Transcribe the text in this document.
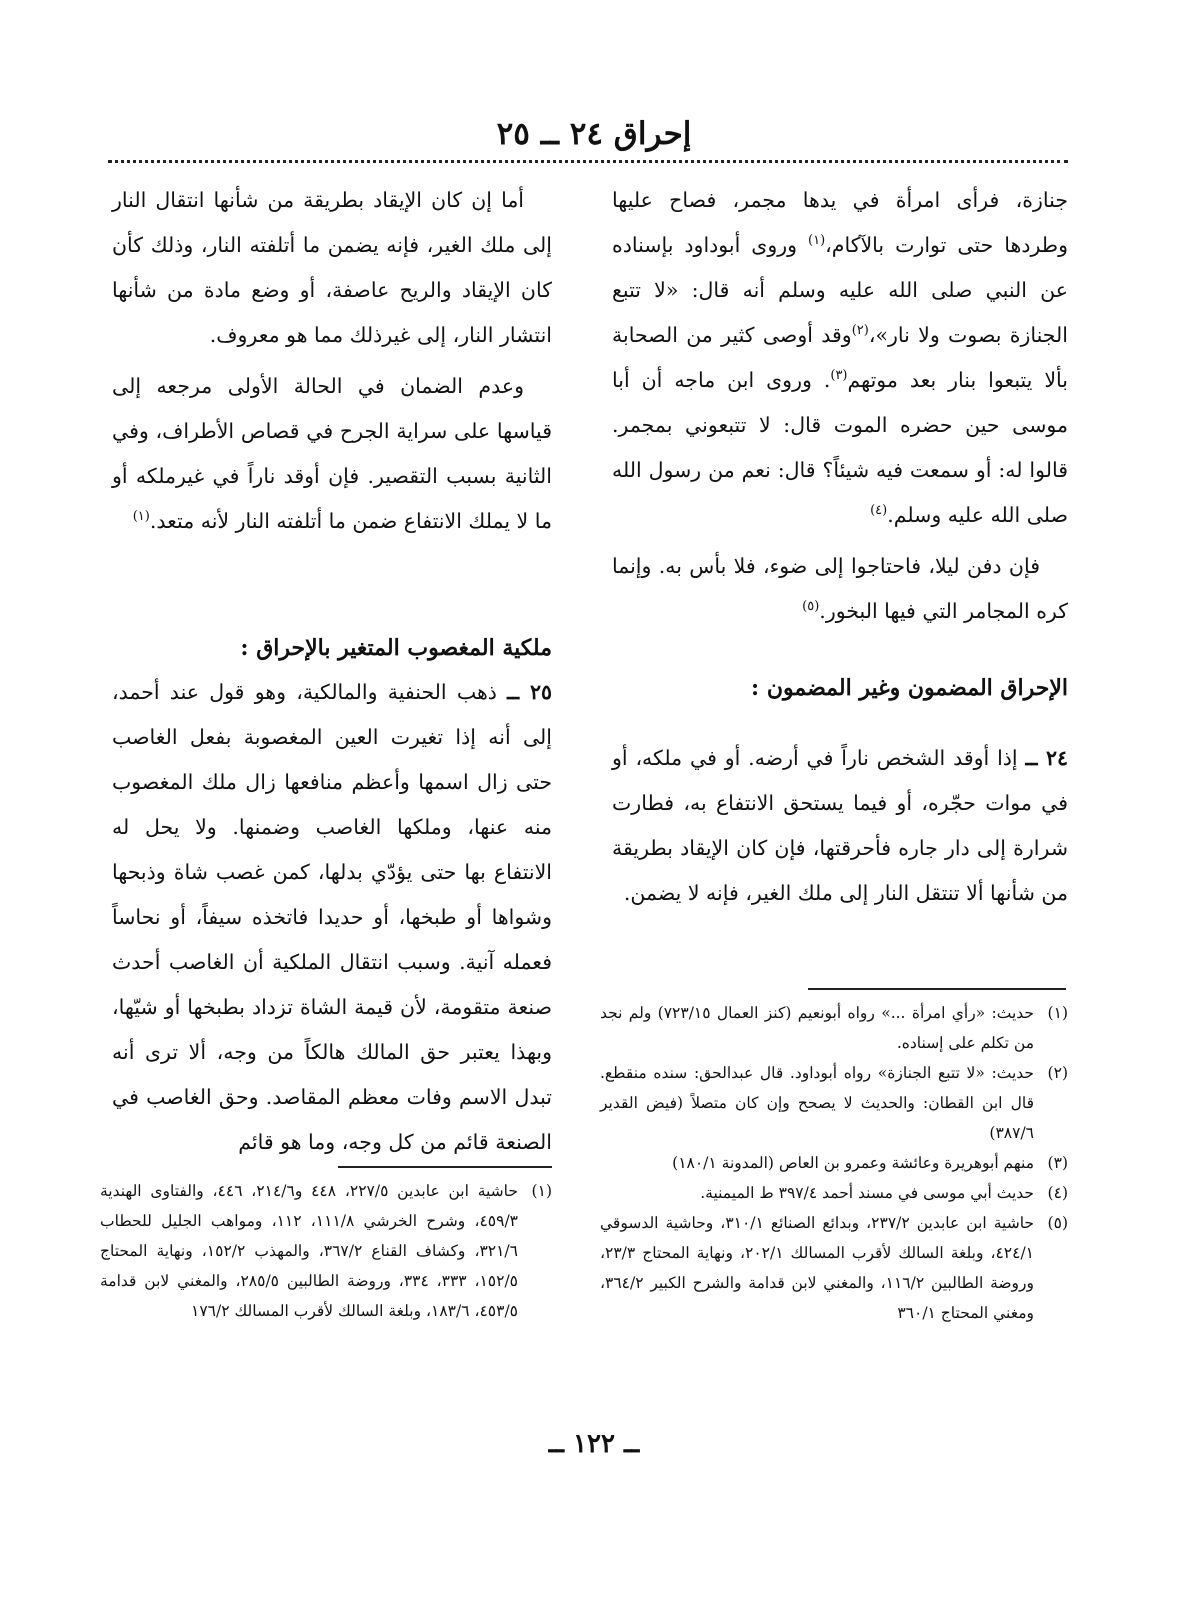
إحراق ٢٤ ــ ٢٥

جنازة، فرأى امرأة في يدها مجمر، فصاح عليها وطردها حتى توارت بالآكام،$^{(١)}$ وروى أبوداود بإسناده عن النبي صلى الله عليه وسلم أنه قال: «لا تتبع الجنازة بصوت ولا نار»،$^{(٢)}$وقد أوصى كثير من الصحابة بألا يتبعوا بنار بعد موتهم$^{(٣)}$. وروى ابن ماجه أن أبا موسى حين حضره الموت قال: لا تتبعوني بمجمر. قالوا له: أو سمعت فيه شيئاً؟ قال: نعم من رسول الله صلى الله عليه وسلم.$^{(٤)}$

فإن دفن ليلا، فاحتاجوا إلى ضوء، فلا بأس به. وإنما كره المجامر التي فيها البخور.$^{(٥)}$

الإحراق المضمون وغير المضمون :

٢٤ ــ إذا أوقد الشخص ناراً في أرضه. أو في ملكه، أو في موات حجّره، أو فيما يستحق الانتفاع به، فطارت شرارة إلى دار جاره فأحرقتها، فإن كان الإيقاد بطريقة من شأنها ألا تنتقل النار إلى ملك الغير، فإنه لا يضمن.

(١)
حديث: «رأي امرأة ...» رواه أبونعيم (كنز العمال ٧٢٣/١٥) ولم نجد من تكلم على إسناده.

(٢)
حديث: «لا تتبع الجنازة» رواه أبوداود. قال عبدالحق: سنده منقطع. قال ابن القطان: والحديث لا يصحح وإن كان متصلاً (فيض القدير ٣٨٧/٦)

(٣)
منهم أبوهريرة وعائشة وعمرو بن العاص (المدونة ١٨٠/١)

(٤)
حديث أبي موسى في مسند أحمد ٣٩٧/٤ ط الميمنية.

(٥)
حاشية ابن عابدين ٢٣٧/٢، وبدائع الصنائع ٣١٠/١، وحاشية الدسوقي ٤٢٤/١، وبلغة السالك لأقرب المسالك ٢٠٢/١، ونهاية المحتاج ٢٣/٣، وروضة الطالبين ١١٦/٢، والمغني لابن قدامة والشرح الكبير ٣٦٤/٢، ومغني المحتاج ٣٦٠/١

أما إن كان الإيقاد بطريقة من شأنها انتقال النار إلى ملك الغير، فإنه يضمن ما أتلفته النار، وذلك كأن كان الإيقاد والريح عاصفة، أو وضع مادة من شأنها انتشار النار، إلى غيرذلك مما هو معروف.

وعدم الضمان في الحالة الأولى مرجعه إلى قياسها على سراية الجرح في قصاص الأطراف، وفي الثانية بسبب التقصير. فإن أوقد ناراً في غيرملكه أو ما لا يملك الانتفاع ضمن ما أتلفته النار لأنه متعد.$^{(١)}$

ملكية المغصوب المتغير بالإحراق :

٢٥ ــ ذهب الحنفية والمالكية، وهو قول عند أحمد، إلى أنه إذا تغيرت العين المغصوبة بفعل الغاصب حتى زال اسمها وأعظم منافعها زال ملك المغصوب منه عنها، وملكها الغاصب وضمنها. ولا يحل له الانتفاع بها حتى يؤدّي بدلها، كمن غصب شاة وذبحها وشواها أو طبخها، أو حديدا فاتخذه سيفاً، أو نحاساً فعمله آنية. وسبب انتقال الملكية أن الغاصب أحدث صنعة متقومة، لأن قيمة الشاة تزداد بطبخها أو شيّها، وبهذا يعتبر حق المالك هالكاً من وجه، ألا ترى أنه تبدل الاسم وفات معظم المقاصد. وحق الغاصب في الصنعة قائم من كل وجه، وما هو قائم

(١)
حاشية ابن عابدين ٢٢٧/٥، ٤٤٨ و٢١٤/٦، ٤٤٦، والفتاوى الهندية ٤٥٩/٣، وشرح الخرشي ١١١/٨، ١١٢، ومواهب الجليل للحطاب ٣٢١/٦، وكشاف القناع ٣٦٧/٢، والمهذب ١٥٢/٢، ونهاية المحتاج ١٥٢/٥، ٣٣٣، ٣٣٤، وروضة الطالبين ٢٨٥/٥، والمغني لابن قدامة ٤٥٣/٥، ١٨٣/٦، وبلغة السالك لأقرب المسالك ١٧٦/٢

ــ ١٢٢ ــ
